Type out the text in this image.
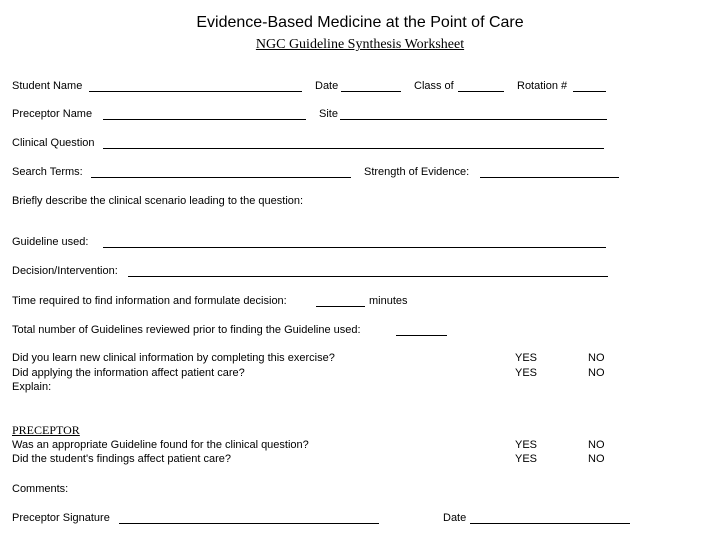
Evidence-Based Medicine at the Point of Care
NGC Guideline Synthesis Worksheet
Student Name	Date	Class of	Rotation #
Preceptor Name	Site
Clinical Question
Search Terms:	Strength of Evidence:
Briefly describe the clinical scenario leading to the question:
Guideline used:
Decision/Intervention:
Time required to find information and formulate decision:	minutes
Total number of Guidelines reviewed prior to finding the Guideline used:
Did you learn new clinical information by completing this exercise?	YES	NO
Did applying the information affect patient care?	YES	NO
Explain:
PRECEPTOR
Was an appropriate Guideline found for the clinical question?	YES	NO
Did the student's findings affect patient care?	YES	NO
Comments:
Preceptor Signature	Date
